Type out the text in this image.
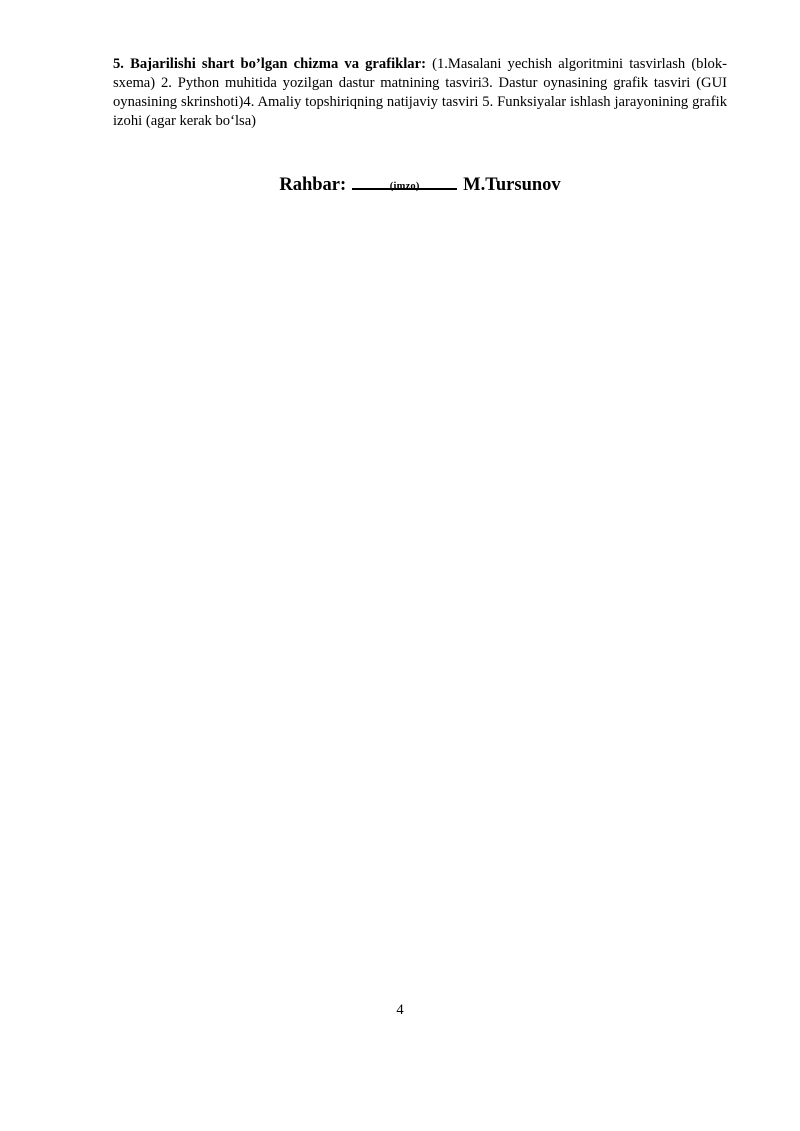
5. Bajarilishi shart bo’lgan chizma va grafiklar: (1.Masalani yechish algoritmini tasvirlash (blok-sxema) 2. Python muhitida yozilgan dastur matnining tasviri3. Dastur oynasining grafik tasviri (GUI oynasining skrinshoti)4. Amaliy topshiriqning natijaviy tasviri 5. Funksiyalar ishlash jarayonining grafik izohi (agar kerak bo‘lsa)

Rahbar:	(imzo)	M.Tursunov
4
